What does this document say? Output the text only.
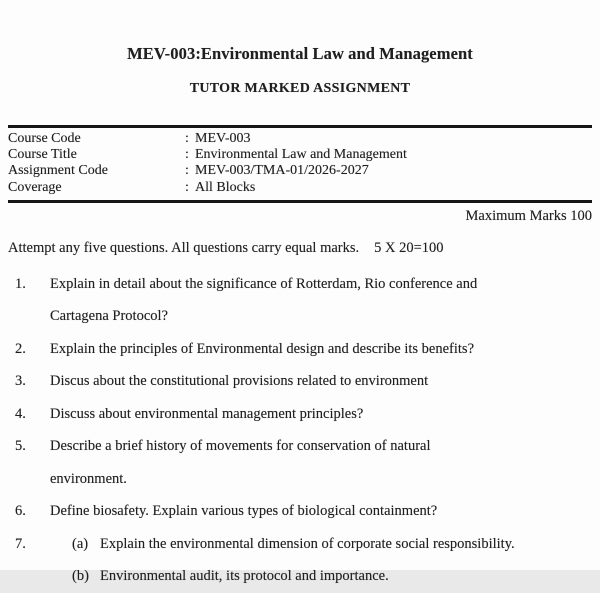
MEV-003:Environmental Law and Management
TUTOR MARKED ASSIGNMENT
Course Code	: MEV-003
Course Title	: Environmental Law and Management
Assignment Code	: MEV-003/TMA-01/2026-2027
Coverage	: All Blocks
Maximum Marks 100
Attempt any five questions. All questions carry equal marks. 5 X 20=100
1.	Explain in detail about the significance of Rotterdam, Rio conference and Cartagena Protocol?
2.	Explain the principles of Environmental design and describe its benefits?
3.	Discus about the constitutional provisions related to environment
4.	Discuss about environmental management principles?
5.	Describe a brief history of movements for conservation of natural environment.
6.	Define biosafety. Explain various types of biological containment?
7.	(a) Explain the environmental dimension of corporate social responsibility.
(b) Environmental audit, its protocol and importance.
